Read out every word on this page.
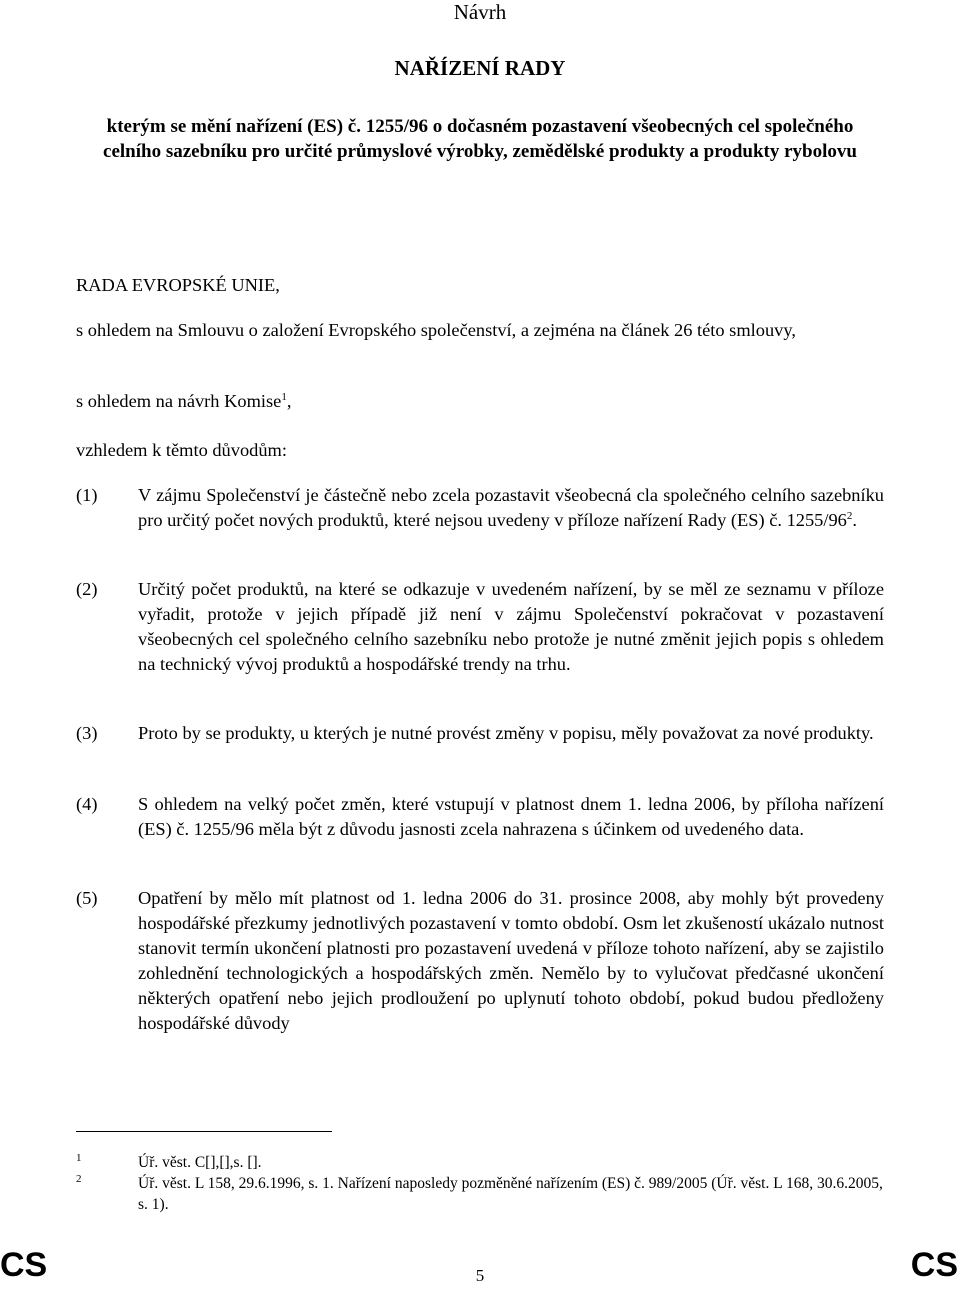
Návrh
NAŘÍZENÍ RADY
kterým se mění nařízení (ES) č. 1255/96 o dočasném pozastavení všeobecných cel společného celního sazebníku pro určité průmyslové výrobky, zemědělské produkty a produkty rybolovu
RADA EVROPSKÉ UNIE,
s ohledem na Smlouvu o založení Evropského společenství, a zejména na článek 26 této smlouvy,
s ohledem na návrh Komise$^1$,
vzhledem k těmto důvodům:
(1) V zájmu Společenství je částečně nebo zcela pozastavit všeobecná cla společného celního sazebníku pro určitý počet nových produktů, které nejsou uvedeny v příloze nařízení Rady (ES) č. $1255/96^2$.
(2) Určitý počet produktů, na které se odkazuje v uvedeném nařízení, by se měl ze seznamu v příloze vyřadit, protože v jejich případě již není v zájmu Společenství pokračovat v pozastavení všeobecných cel společného celního sazebníku nebo protože je nutné změnit jejich popis s ohledem na technický vývoj produktů a hospodářské trendy na trhu.
(3) Proto by se produkty, u kterých je nutné provést změny v popisu, měly považovat za nové produkty.
(4) S ohledem na velký počet změn, které vstupují v platnost dnem 1. ledna 2006, by příloha nařízení (ES) č. 1255/96 měla být z důvodu jasnosti zcela nahrazena s účinkem od uvedeného data.
(5) Opatření by mělo mít platnost od 1. ledna 2006 do 31. prosince 2008, aby mohly být provedeny hospodářské přezkumy jednotlivých pozastavení v tomto období. Osm let zkušeností ukázalo nutnost stanovit termín ukončení platnosti pro pozastavení uvedená v příloze tohoto nařízení, aby se zajistilo zohlednění technologických a hospodářských změn. Nemělo by to vylučovat předčasné ukončení některých opatření nebo jejich prodloužení po uplynutí tohoto období, pokud budou předloženy hospodářské důvody
1	Úř. věst. C[],[],s. [].
2	Úř. věst. L 158, 29.6.1996, s. 1. Nařízení naposledy pozměněné nařízením (ES) č. 989/2005 (Úř. věst. L 168, 30.6.2005, s. 1).
CS	5	CS
